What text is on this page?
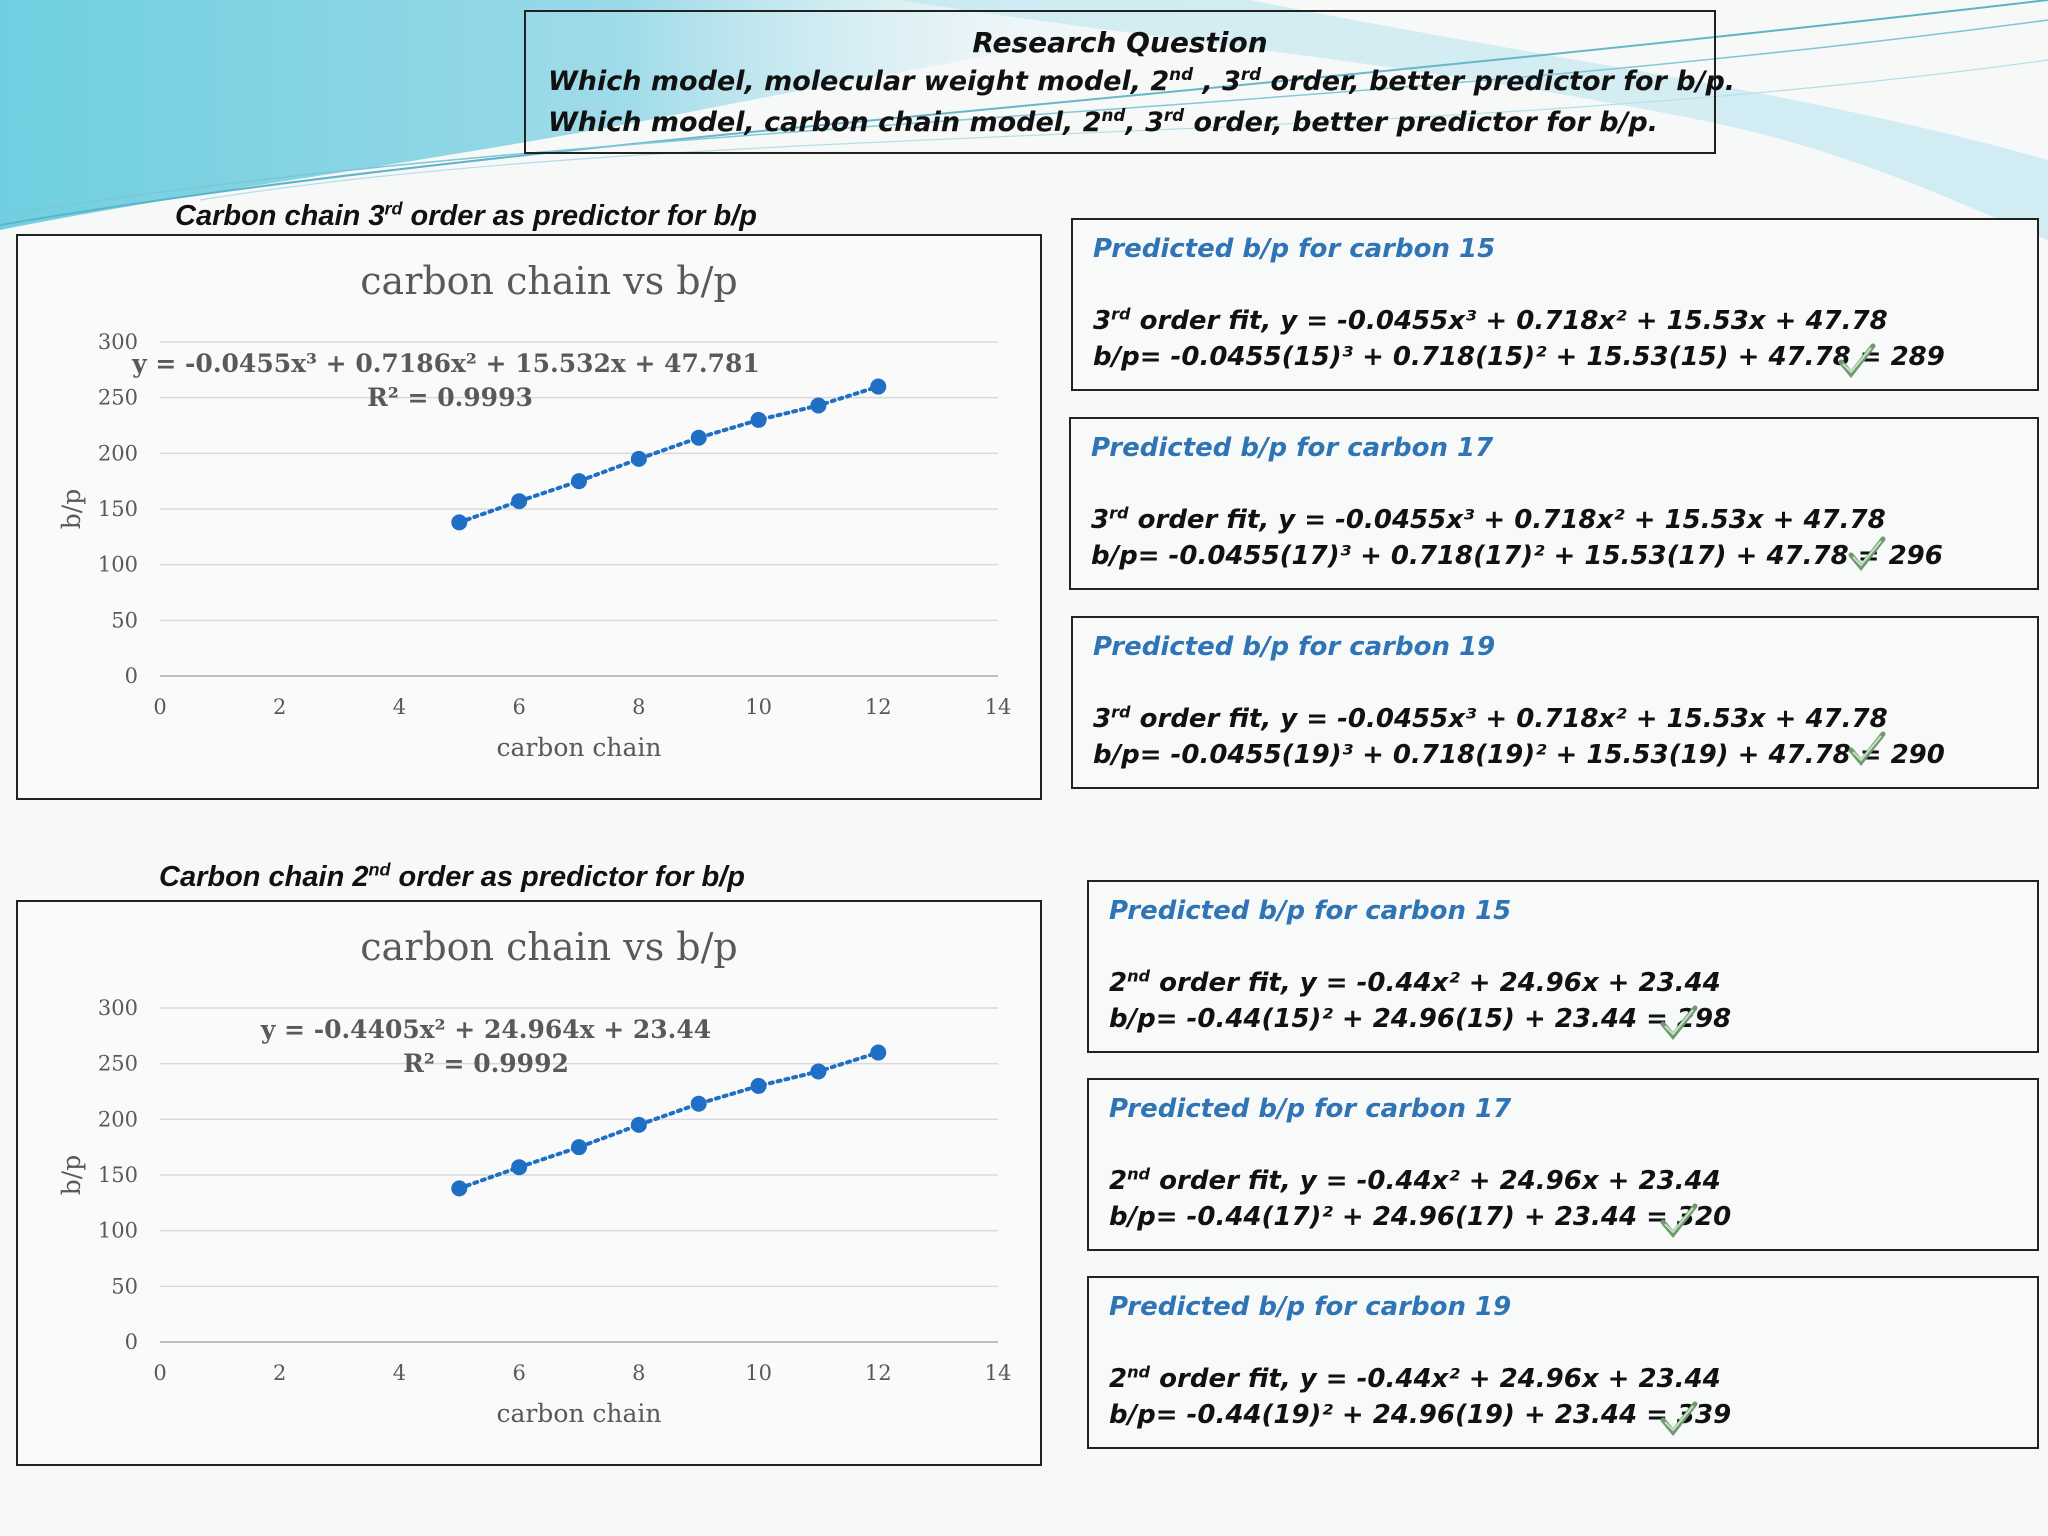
Research Question
Which model, molecular weight model, 2nd , 3rd order, better predictor for b/p.
Which model, carbon chain model, 2nd, 3rd order, better predictor for b/p.
Carbon chain 3rd order as predictor for b/p
carbon chain vs b/p
0
50
100
150
200
250
300
0	2	4	6	8	10	12	14
carbon chain
b/p
y = -0.0455x³ + 0.7186x² + 15.532x + 47.781
R² = 0.9993
Carbon chain 2nd order as predictor for b/p
carbon chain vs b/p
0
50
100
150
200
250
300
0	2	4	6	8	10	12	14
carbon chain
b/p
y = -0.4405x² + 24.964x + 23.44
R² = 0.9992
Predicted b/p for carbon 15
3rd order fit, y = -0.0455x³ + 0.718x² + 15.53x + 47.78
b/p= -0.0455(15)³ + 0.718(15)² + 15.53(15) + 47.78 = 289
Predicted b/p for carbon 17
3rd order fit, y = -0.0455x³ + 0.718x² + 15.53x + 47.78
b/p= -0.0455(17)³ + 0.718(17)² + 15.53(17) + 47.78 = 296
Predicted b/p for carbon 19
3rd order fit, y = -0.0455x³ + 0.718x² + 15.53x + 47.78
b/p= -0.0455(19)³ + 0.718(19)² + 15.53(19) + 47.78 = 290
Predicted b/p for carbon 15
2nd order fit, y = -0.44x² + 24.96x + 23.44
b/p= -0.44(15)² + 24.96(15) + 23.44 = 298
Predicted b/p for carbon 17
2nd order fit, y = -0.44x² + 24.96x + 23.44
b/p= -0.44(17)² + 24.96(17) + 23.44 = 320
Predicted b/p for carbon 19
2nd order fit, y = -0.44x² + 24.96x + 23.44
b/p= -0.44(19)² + 24.96(19) + 23.44 = 339
